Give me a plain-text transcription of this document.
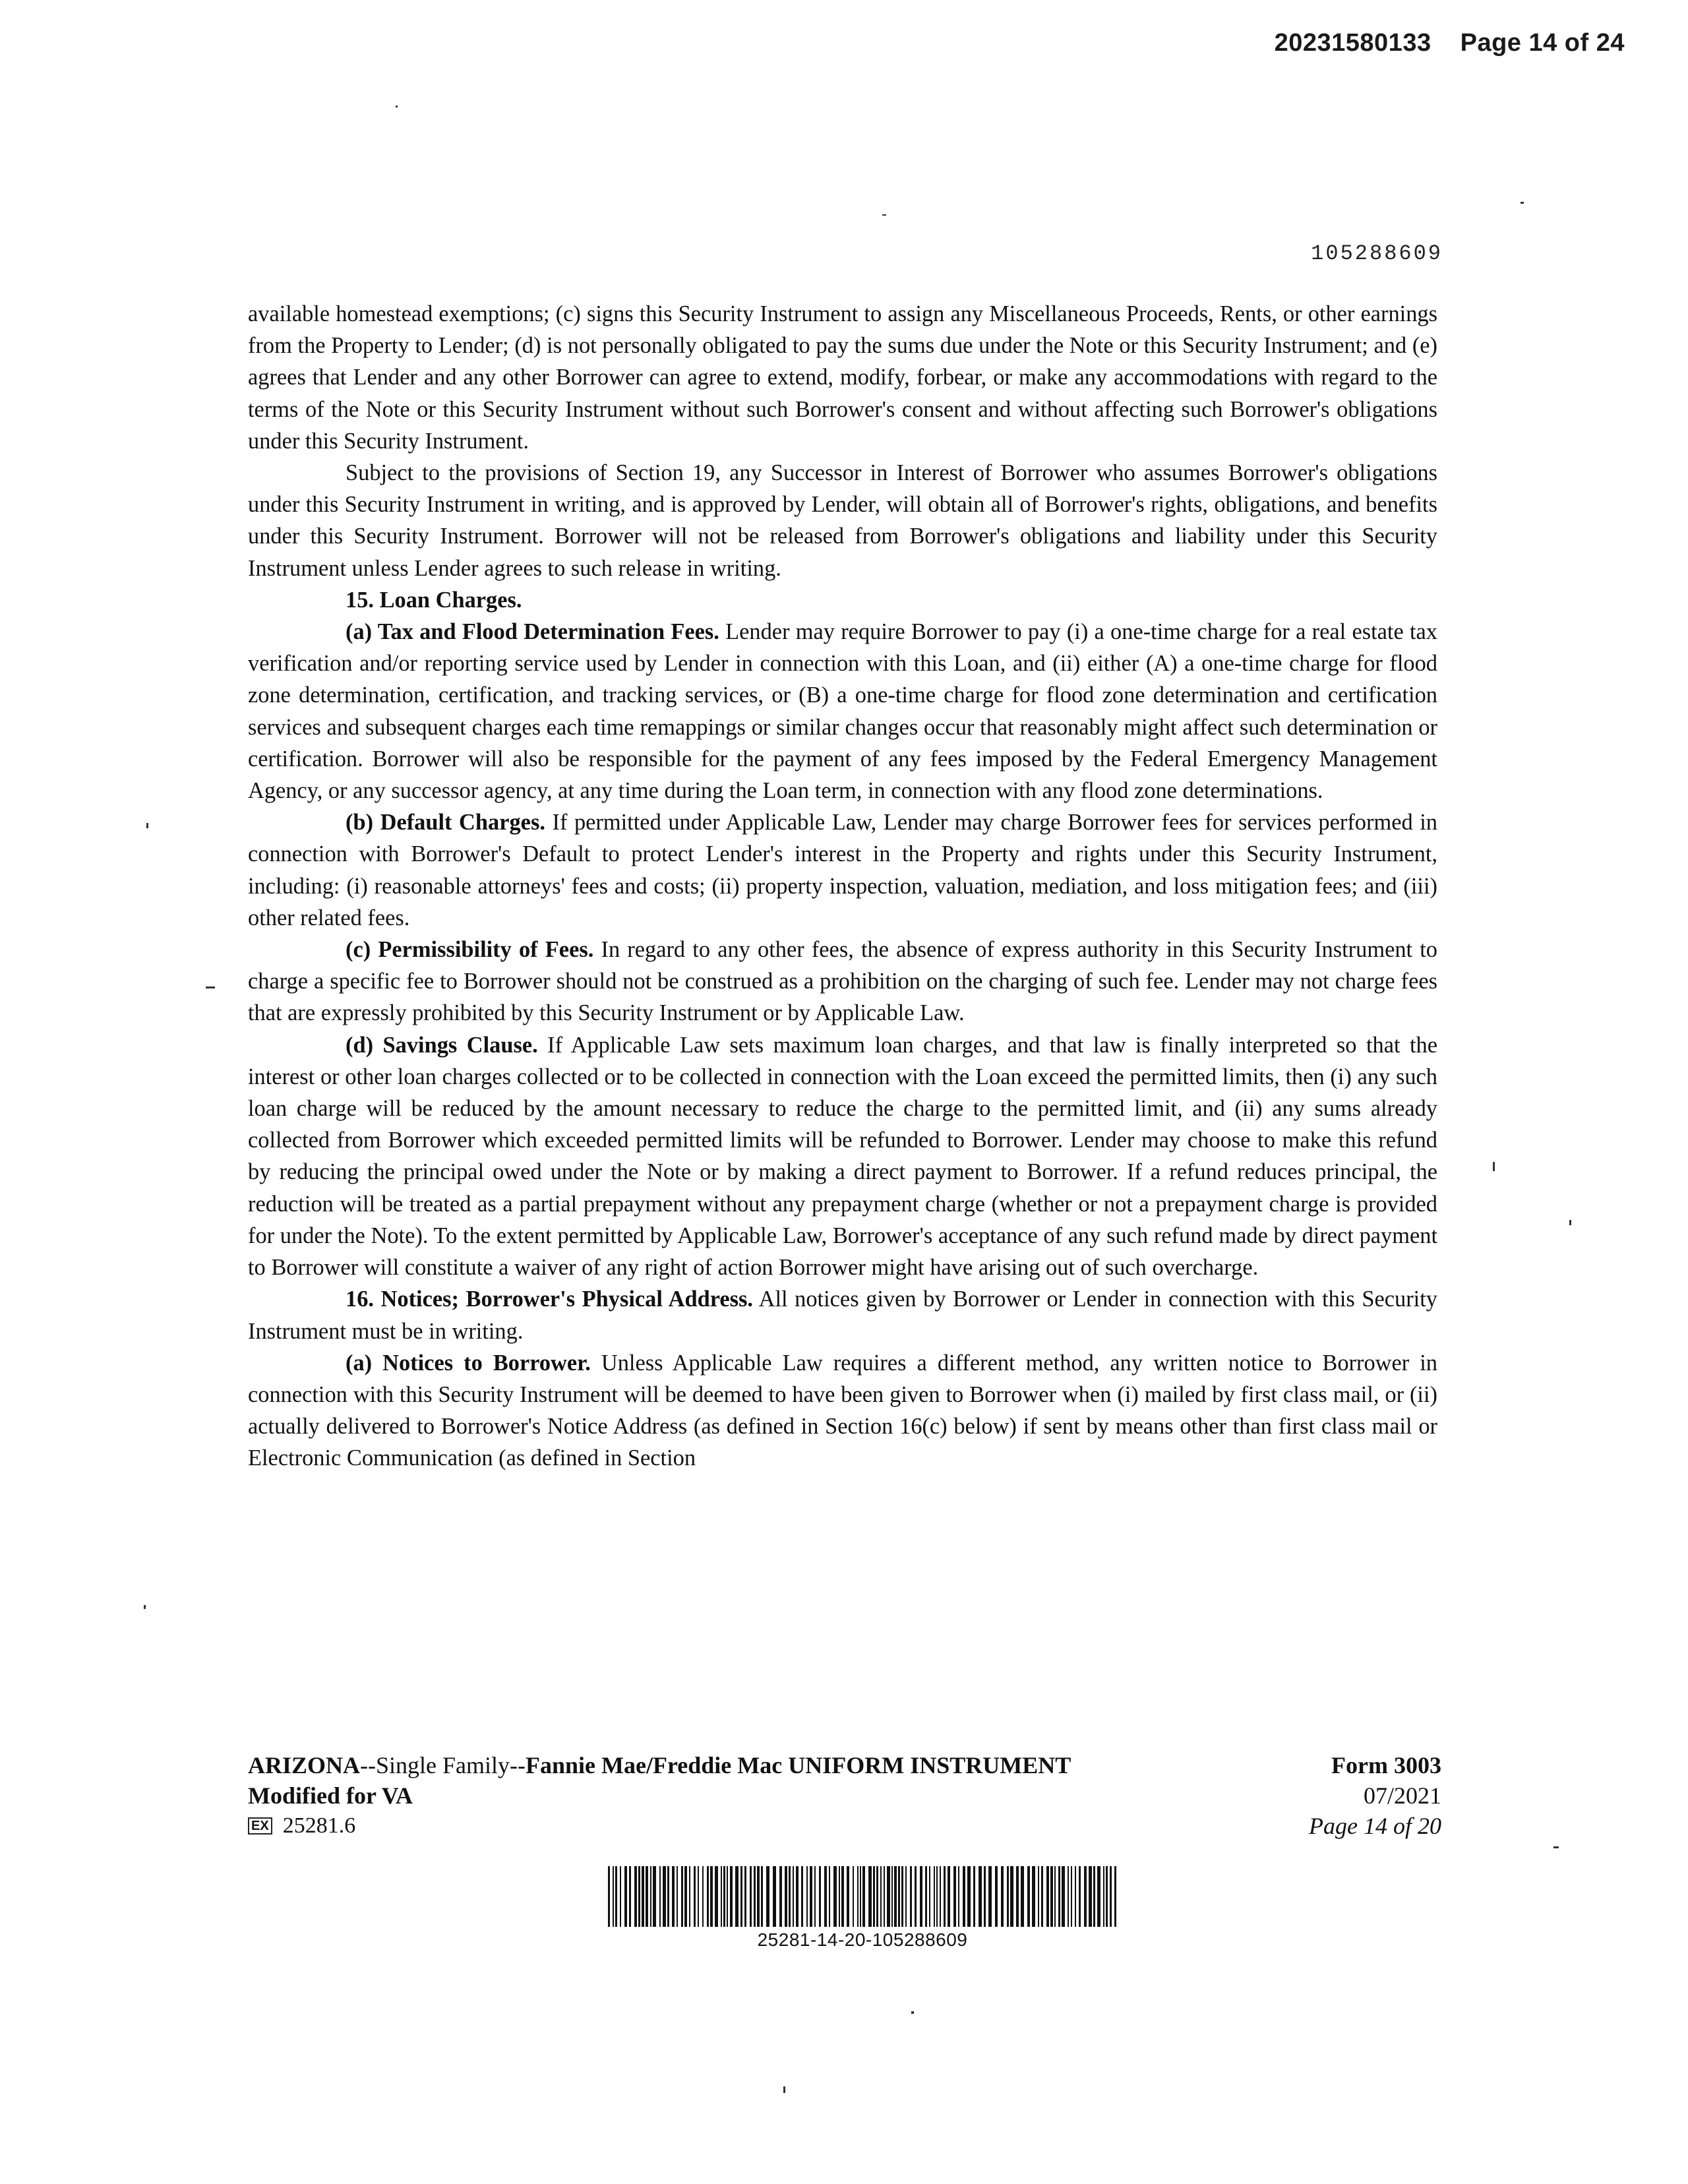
20231580133 Page 14 of 24
105288609

available homestead exemptions; (c) signs this Security Instrument to assign any Miscellaneous Proceeds, Rents, or other earnings from the Property to Lender; (d) is not personally obligated to pay the sums due under the Note or this Security Instrument; and (e) agrees that Lender and any other Borrower can agree to extend, modify, forbear, or make any accommodations with regard to the terms of the Note or this Security Instrument without such Borrower's consent and without affecting such Borrower's obligations under this Security Instrument.

Subject to the provisions of Section 19, any Successor in Interest of Borrower who assumes Borrower's obligations under this Security Instrument in writing, and is approved by Lender, will obtain all of Borrower's rights, obligations, and benefits under this Security Instrument. Borrower will not be released from Borrower's obligations and liability under this Security Instrument unless Lender agrees to such release in writing.

15. Loan Charges.

(a) Tax and Flood Determination Fees. Lender may require Borrower to pay (i) a one-time charge for a real estate tax verification and/or reporting service used by Lender in connection with this Loan, and (ii) either (A) a one-time charge for flood zone determination, certification, and tracking services, or (B) a one-time charge for flood zone determination and certification services and subsequent charges each time remappings or similar changes occur that reasonably might affect such determination or certification. Borrower will also be responsible for the payment of any fees imposed by the Federal Emergency Management Agency, or any successor agency, at any time during the Loan term, in connection with any flood zone determinations.

(b) Default Charges. If permitted under Applicable Law, Lender may charge Borrower fees for services performed in connection with Borrower's Default to protect Lender's interest in the Property and rights under this Security Instrument, including: (i) reasonable attorneys' fees and costs; (ii) property inspection, valuation, mediation, and loss mitigation fees; and (iii) other related fees.

(c) Permissibility of Fees. In regard to any other fees, the absence of express authority in this Security Instrument to charge a specific fee to Borrower should not be construed as a prohibition on the charging of such fee. Lender may not charge fees that are expressly prohibited by this Security Instrument or by Applicable Law.

(d) Savings Clause. If Applicable Law sets maximum loan charges, and that law is finally interpreted so that the interest or other loan charges collected or to be collected in connection with the Loan exceed the permitted limits, then (i) any such loan charge will be reduced by the amount necessary to reduce the charge to the permitted limit, and (ii) any sums already collected from Borrower which exceeded permitted limits will be refunded to Borrower. Lender may choose to make this refund by reducing the principal owed under the Note or by making a direct payment to Borrower. If a refund reduces principal, the reduction will be treated as a partial prepayment without any prepayment charge (whether or not a prepayment charge is provided for under the Note). To the extent permitted by Applicable Law, Borrower's acceptance of any such refund made by direct payment to Borrower will constitute a waiver of any right of action Borrower might have arising out of such overcharge.

16. Notices; Borrower's Physical Address. All notices given by Borrower or Lender in connection with this Security Instrument must be in writing.

(a) Notices to Borrower. Unless Applicable Law requires a different method, any written notice to Borrower in connection with this Security Instrument will be deemed to have been given to Borrower when (i) mailed by first class mail, or (ii) actually delivered to Borrower's Notice Address (as defined in Section 16(c) below) if sent by means other than first class mail or Electronic Communication (as defined in Section

ARIZONA--Single Family--Fannie Mae/Freddie Mac UNIFORM INSTRUMENT
Modified for VA
EX 25281.6
Form 3003
07/2021
Page 14 of 20
25281-14-20-105288609
